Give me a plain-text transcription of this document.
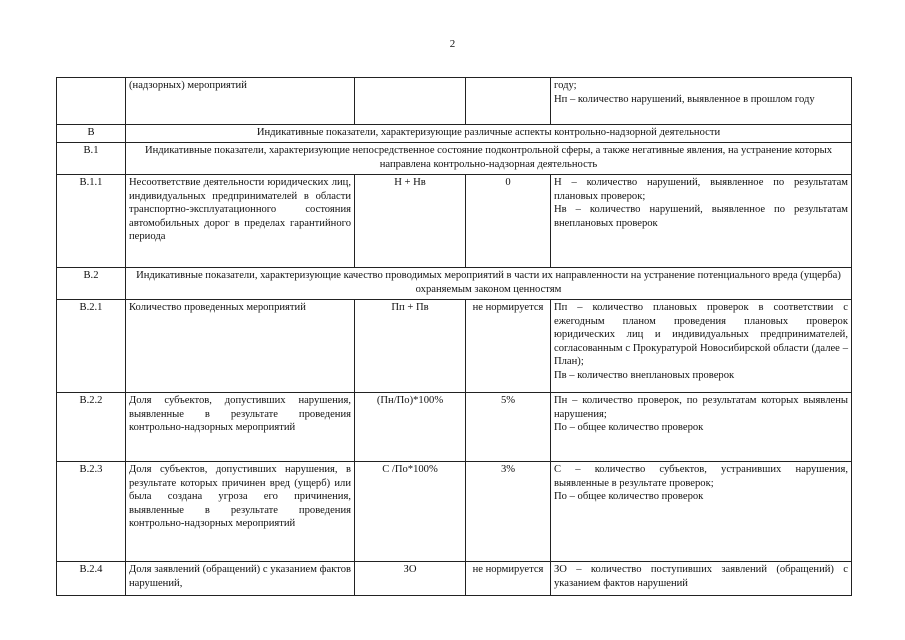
2
	(надзорных) мероприятий			году;
Нп – количество нарушений, выявленное в прошлом году

В	Индикативные показатели, характеризующие различные аспекты контрольно-надзорной деятельности			
В.1	Индикативные показатели, характеризующие непосредственное состояние подконтрольной сферы, а также негативные явления, на устранение которых направлена контрольно-надзорная деятельность			
В.1.1	Несоответствие деятельности юридических лиц, индивидуальных предпринимателей в области транспортно-эксплуатационного состояния автомобильных дорог в пределах гарантийного периода	Н + Нв	0	Н – количество нарушений, выявленное по результатам плановых проверок;
Нв – количество нарушений, выявленное по результатам внеплановых проверок

В.2	Индикативные показатели, характеризующие качество проводимых мероприятий в части их направленности на устранение потенциального вреда (ущерба) охраняемым законом ценностям			
В.2.1	Количество проведенных мероприятий	Пп + Пв	не нормируется	Пп – количество плановых проверок в соответствии с ежегодным планом проведения плановых проверок юридических лиц и индивидуальных предпринимателей, согласованным с Прокуратурой Новосибирской области (далее – План);
Пв – количество внеплановых проверок

В.2.2	Доля субъектов, допустивших нарушения, выявленные в результате проведения контрольно-надзорных мероприятий	(Пн/По)*100%	5%	Пн – количество проверок, по результатам которых выявлены нарушения;
По – общее количество проверок

В.2.3	Доля субъектов, допустивших нарушения, в результате которых причинен вред (ущерб) или была создана угроза его причинения, выявленные в результате проведения контрольно-надзорных мероприятий	С /По*100%	3%	С – количество субъектов, устранивших нарушения, выявленные в результате проверок;
По – общее количество проверок

В.2.4	Доля заявлений (обращений) с указанием фактов нарушений,	ЗО	не нормируется	ЗО – количество поступивших заявлений (обращений) с указанием фактов нарушений
